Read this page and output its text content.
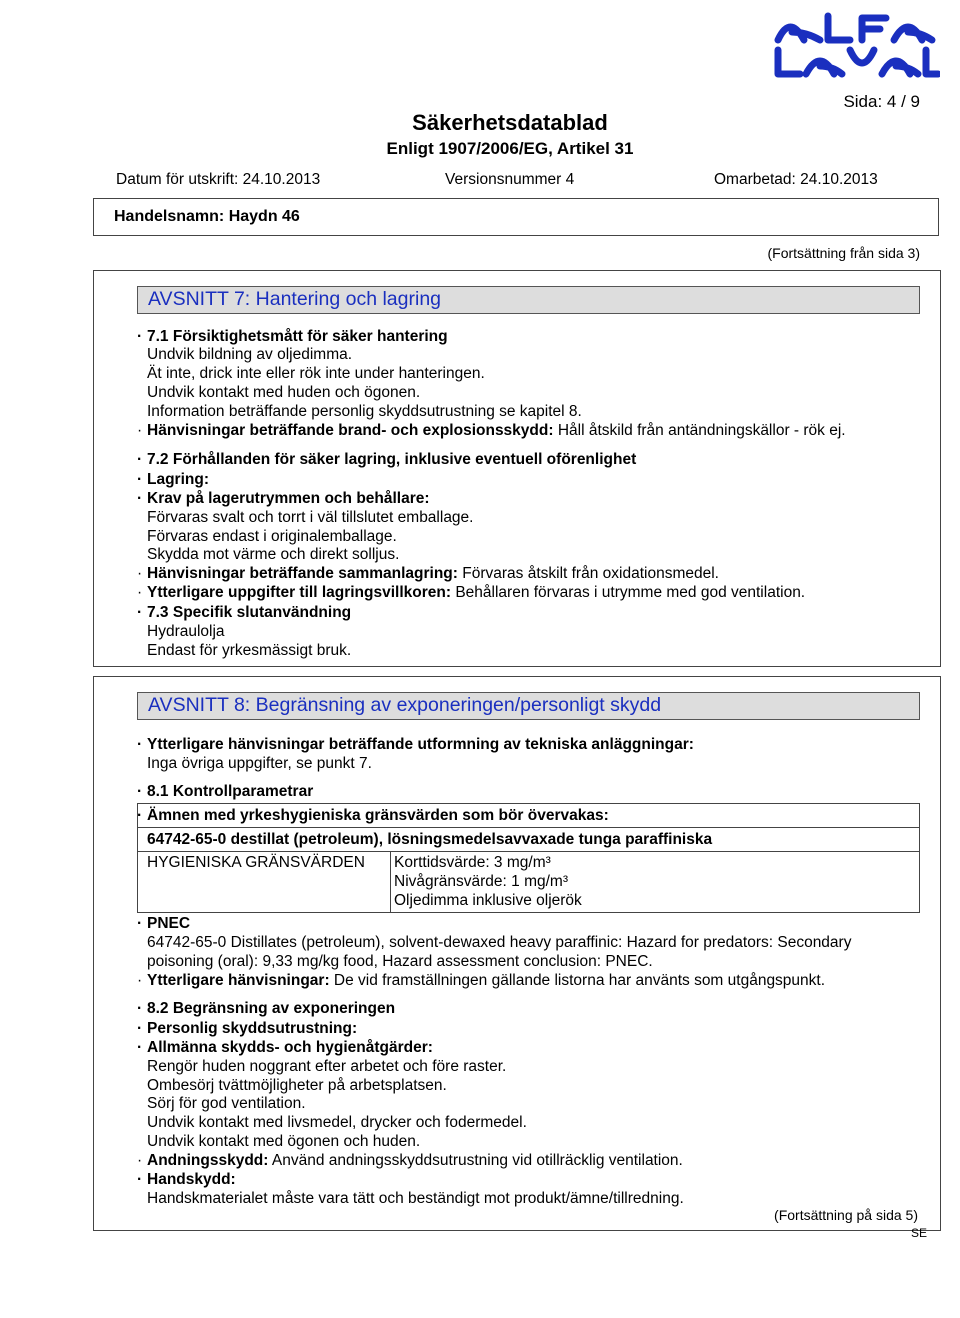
Sida: 4 / 9
Säkerhetsdatablad
Enligt 1907/2006/EG, Artikel 31
Datum för utskrift: 24.10.2013	Versionsnummer 4	Omarbetad: 24.10.2013
Handelsnamn: Haydn 46
(Fortsättning från sida 3)
AVSNITT 7: Hantering och lagring
· 7.1 Försiktighetsmått för säker hantering
Undvik bildning av oljedimma.
Ät inte, drick inte eller rök inte under hanteringen.
Undvik kontakt med huden och ögonen.
Information beträffande personlig skyddsutrustning se kapitel 8.
· Hänvisningar beträffande brand- och explosionsskydd: Håll åtskild från antändningskällor - rök ej.
· 7.2 Förhållanden för säker lagring, inklusive eventuell oförenlighet
· Lagring:
· Krav på lagerutrymmen och behållare:
Förvaras svalt och torrt i väl tillslutet emballage.
Förvaras endast i originalemballage.
Skydda mot värme och direkt solljus.
· Hänvisningar beträffande sammanlagring: Förvaras åtskilt från oxidationsmedel.
· Ytterligare uppgifter till lagringsvillkoren: Behållaren förvaras i utrymme med god ventilation.
· 7.3 Specifik slutanvändning
Hydraulolja
Endast för yrkesmässigt bruk.
AVSNITT 8: Begränsning av exponeringen/personligt skydd
· Ytterligare hänvisningar beträffande utformning av tekniska anläggningar:
Inga övriga uppgifter, se punkt 7.
· 8.1 Kontrollparametrar
· Ämnen med yrkeshygieniska gränsvärden som bör övervakas:
64742-65-0 destillat (petroleum), lösningsmedelsavvaxade tunga paraffiniska
HYGIENISKA GRÄNSVÄRDEN Korttidsvärde: 3 mg/m³
Nivågränsvärde: 1 mg/m³
Oljedimma inklusive oljerök
· PNEC
64742-65-0 Distillates (petroleum), solvent-dewaxed heavy paraffinic: Hazard for predators: Secondary
poisoning (oral): 9,33 mg/kg food, Hazard assessment conclusion: PNEC.
· Ytterligare hänvisningar: De vid framställningen gällande listorna har använts som utgångspunkt.
· 8.2 Begränsning av exponeringen
· Personlig skyddsutrustning:
· Allmänna skydds- och hygienåtgärder:
Rengör huden noggrant efter arbetet och före raster.
Ombesörj tvättmöjligheter på arbetsplatsen.
Sörj för god ventilation.
Undvik kontakt med livsmedel, drycker och fodermedel.
Undvik kontakt med ögonen och huden.
· Andningsskydd: Använd andningsskyddsutrustning vid otillräcklig ventilation.
· Handskydd:
Handskmaterialet måste vara tätt och beständigt mot produkt/ämne/tillredning.
(Fortsättning på sida 5)
SE
